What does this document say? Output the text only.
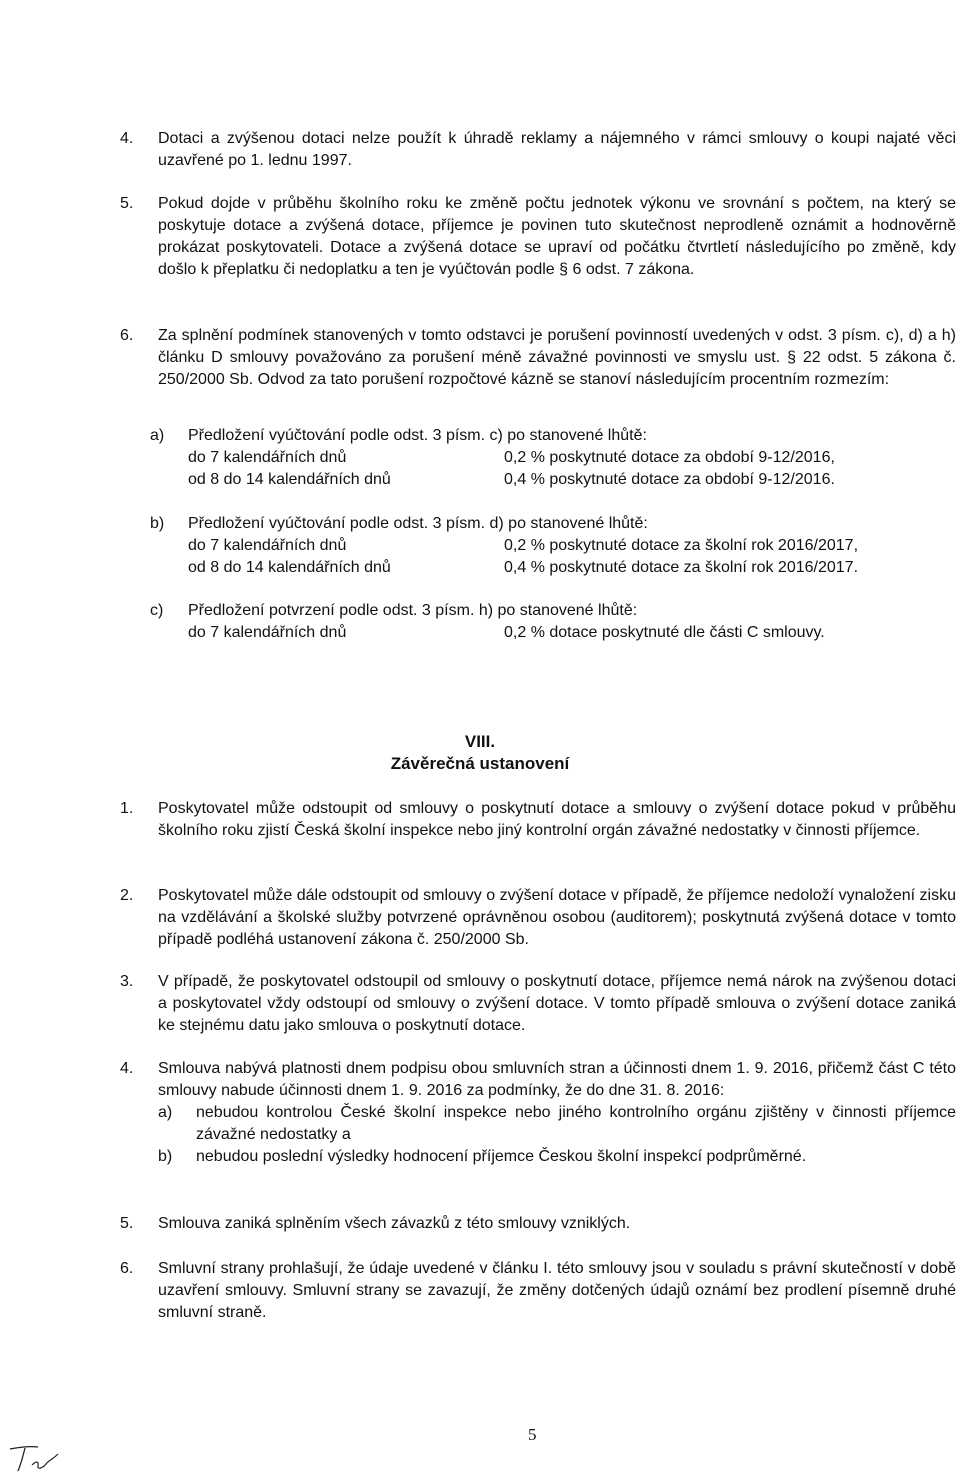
4.	Dotaci a zvýšenou dotaci nelze použít k úhradě reklamy a nájemného v rámci smlouvy o koupi najaté věci uzavřené po 1. lednu 1997.

5.	Pokud dojde v průběhu školního roku ke změně počtu jednotek výkonu ve srovnání s počtem, na který se poskytuje dotace a zvýšená dotace, příjemce je povinen tuto skutečnost neprodleně oznámit a hodnověrně prokázat poskytovateli. Dotace a zvýšená dotace se upraví od počátku čtvrtletí následujícího po změně, kdy došlo k přeplatku či nedoplatku a ten je vyúčtován podle § 6 odst. 7 zákona.

6.	Za splnění podmínek stanovených v tomto odstavci je porušení povinností uvedených v odst. 3 písm. c), d) a h) článku D smlouvy považováno za porušení méně závažné povinnosti ve smyslu ust. § 22 odst. 5 zákona č. 250/2000 Sb. Odvod za tato porušení rozpočtové kázně se stanoví následujícím procentním rozmezím:

a) Předložení vyúčtování podle odst. 3 písm. c) po stanovené lhůtě:
do 7 kalendářních dnů	0,2 % poskytnuté dotace za období 9-12/2016,
od 8 do 14 kalendářních dnů	0,4 % poskytnuté dotace za období 9-12/2016.
b) Předložení vyúčtování podle odst. 3 písm. d) po stanovené lhůtě:
do 7 kalendářních dnů	0,2 % poskytnuté dotace za školní rok 2016/2017,
od 8 do 14 kalendářních dnů	0,4 % poskytnuté dotace za školní rok 2016/2017.
c) Předložení potvrzení podle odst. 3 písm. h) po stanovené lhůtě:
do 7 kalendářních dnů	0,2 % dotace poskytnuté dle části C smlouvy.
VIII.
Závěrečná ustanovení
1.	Poskytovatel může odstoupit od smlouvy o poskytnutí dotace a smlouvy o zvýšení dotace pokud v průběhu školního roku zjistí Česká školní inspekce nebo jiný kontrolní orgán závažné nedostatky v činnosti příjemce.

2.	Poskytovatel může dále odstoupit od smlouvy o zvýšení dotace v případě, že příjemce nedoloží vynaložení zisku na vzdělávání a školské služby potvrzené oprávněnou osobou (auditorem); poskytnutá zvýšená dotace v tomto případě podléhá ustanovení zákona č. 250/2000 Sb.

3.	V případě, že poskytovatel odstoupil od smlouvy o poskytnutí dotace, příjemce nemá nárok na zvýšenou dotaci a poskytovatel vždy odstoupí od smlouvy o zvýšení dotace. V tomto případě smlouva o zvýšení dotace zaniká ke stejnému datu jako smlouva o poskytnutí dotace.

4.	Smlouva nabývá platnosti dnem podpisu obou smluvních stran a účinnosti dnem 1. 9. 2016, přičemž část C této smlouvy nabude účinnosti dnem 1. 9. 2016 za podmínky, že do dne 31. 8. 2016:

a) nebudou kontrolou České školní inspekce nebo jiného kontrolního orgánu zjištěny v činnosti příjemce závažné nedostatky a
b) nebudou poslední výsledky hodnocení příjemce Českou školní inspekcí podprůměrné.
5.	Smlouva zaniká splněním všech závazků z této smlouvy vzniklých.

6.	Smluvní strany prohlašují, že údaje uvedené v článku I. této smlouvy jsou v souladu s právní skutečností v době uzavření smlouvy. Smluvní strany se zavazují, že změny dotčených údajů oznámí bez prodlení písemně druhé smluvní straně.

5
